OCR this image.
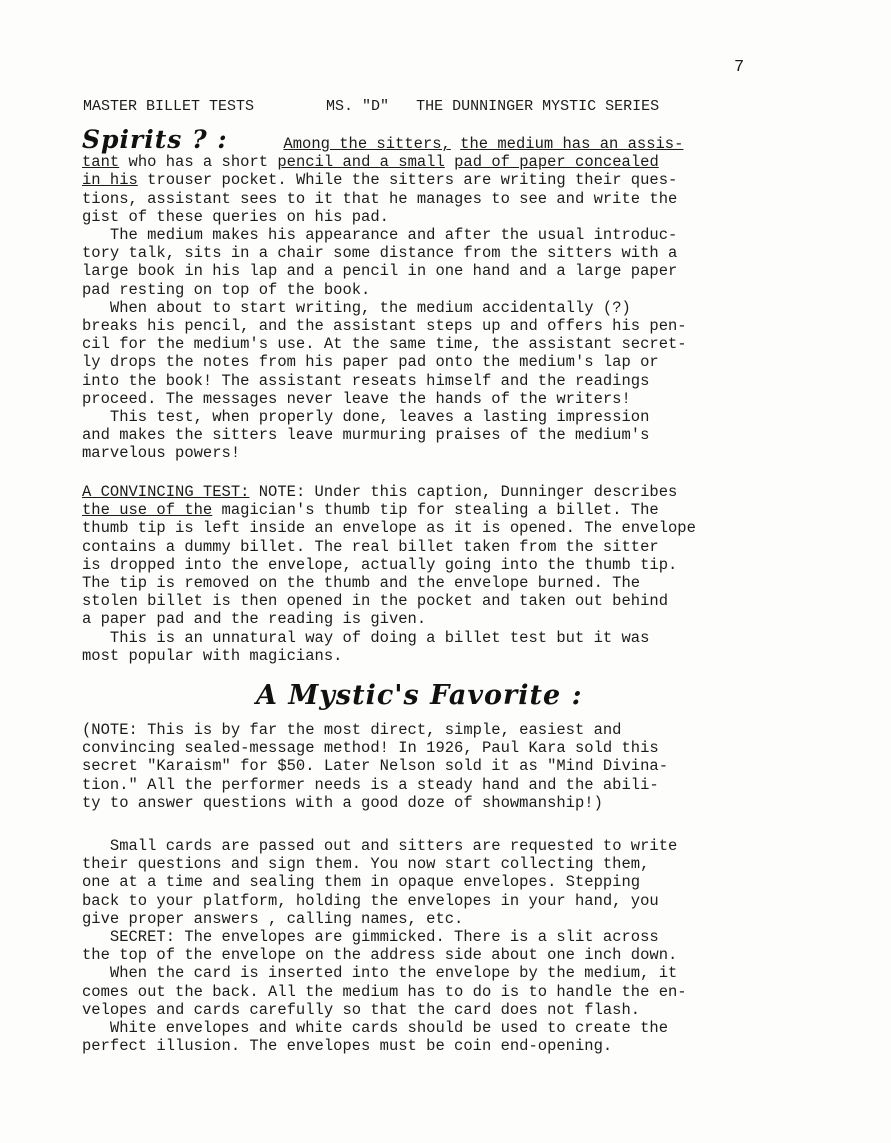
7
MASTER BILLET TESTS	MS. "D" THE DUNNINGER MYSTIC SERIES

Spirits ? :	Among the sitters, the medium has an assis-

tant who has a short pencil and a small pad of paper concealed

in his trouser pocket. While the sitters are writing their ques-

tions, assistant sees to it that he manages to see and write the
gist of these queries on his pad.
The medium makes his appearance and after the usual introduc-
tory talk, sits in a chair some distance from the sitters with a
large book in his lap and a pencil in one hand and a large paper
pad resting on top of the book.
When about to start writing, the medium accidentally (?)
breaks his pencil, and the assistant steps up and offers his pen-
cil for the medium's use. At the same time, the assistant secret-
ly drops the notes from his paper pad onto the medium's lap or
into the book! The assistant reseats himself and the readings
proceed. The messages never leave the hands of the writers!
This test, when properly done, leaves a lasting impression
and makes the sitters leave murmuring praises of the medium's
marvelous powers!

A CONVINCING TEST: NOTE: Under this caption, Dunninger describes

the use of the magician's thumb tip for stealing a billet. The

thumb tip is left inside an envelope as it is opened. The envelope
contains a dummy billet. The real billet taken from the sitter
is dropped into the envelope, actually going into the thumb tip.
The tip is removed on the thumb and the envelope burned. The
stolen billet is then opened in the pocket and taken out behind
a paper pad and the reading is given.
This is an unnatural way of doing a billet test but it was
most popular with magicians.

A Mystic's Favorite :

(NOTE: This is by far the most direct, simple, easiest and
convincing sealed-message method! In 1926, Paul Kara sold this
secret "Karaism" for $50. Later Nelson sold it as "Mind Divina-
tion." All the performer needs is a steady hand and the abili-
ty to answer questions with a good doze of showmanship!)

Small cards are passed out and sitters are requested to write
their questions and sign them. You now start collecting them,
one at a time and sealing them in opaque envelopes. Stepping
back to your platform, holding the envelopes in your hand, you
give proper answers , calling names, etc.
SECRET: The envelopes are gimmicked. There is a slit across
the top of the envelope on the address side about one inch down.
When the card is inserted into the envelope by the medium, it
comes out the back. All the medium has to do is to handle the en-
velopes and cards carefully so that the card does not flash.
White envelopes and white cards should be used to create the
perfect illusion. The envelopes must be coin end-opening.
